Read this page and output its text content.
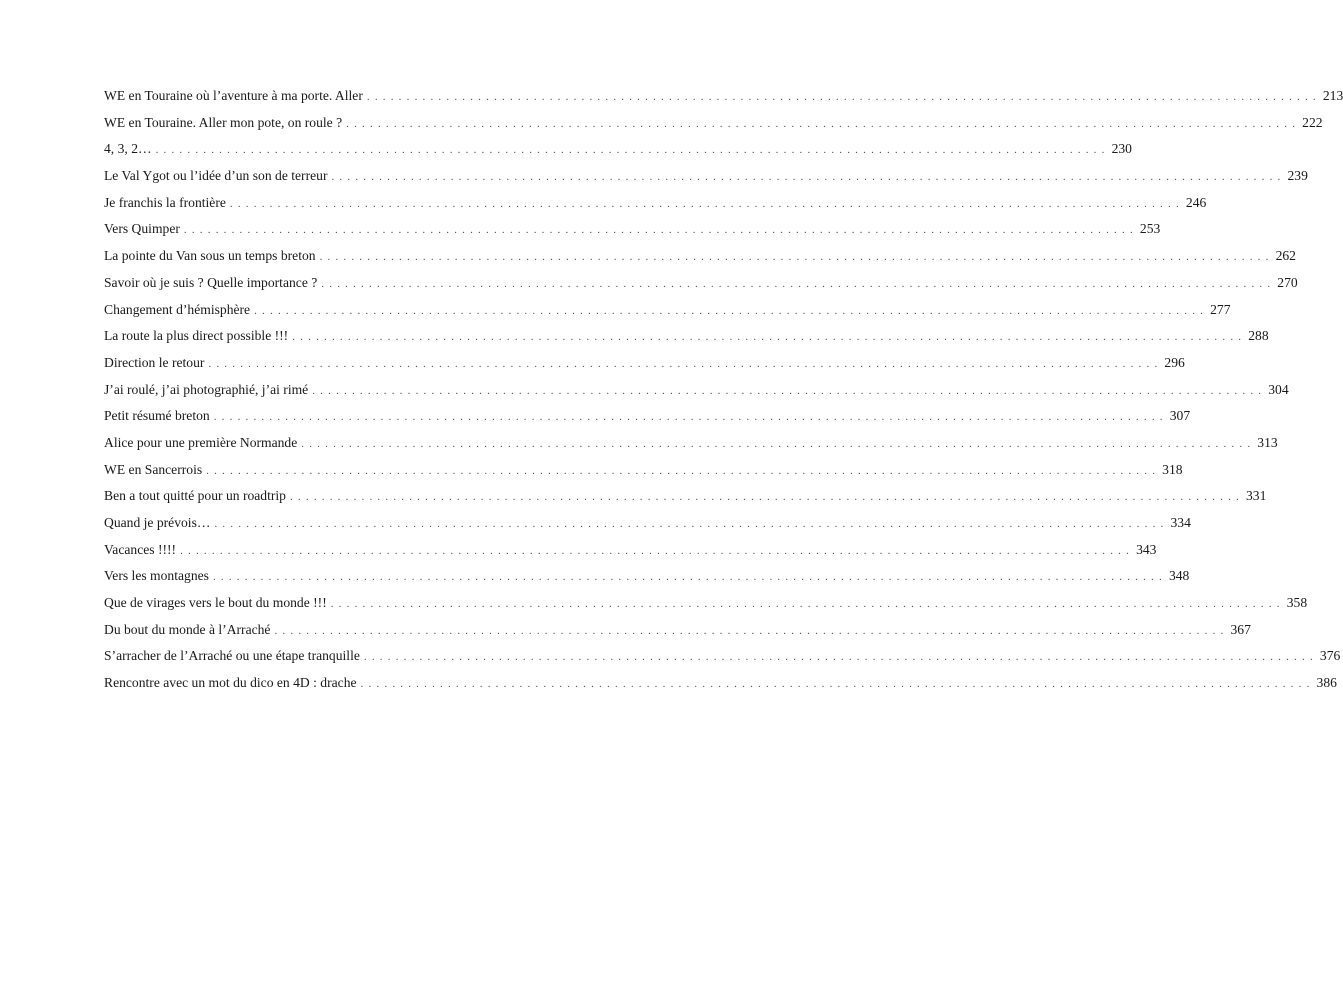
WE en Touraine où l’aventure à ma porte. Aller ........................................................................................................................ 213
WE en Touraine. Aller mon pote, on roule ? ........................................................................................................................ 222
4, 3, 2… ........................................................................................................................ 230
Le Val Ygot ou l’idée d’un son de terreur ........................................................................................................................ 239
Je franchis la frontière ........................................................................................................................ 246
Vers Quimper ........................................................................................................................ 253
La pointe du Van sous un temps breton ........................................................................................................................ 262
Savoir où je suis ? Quelle importance ? ........................................................................................................................ 270
Changement d’hémisphère ........................................................................................................................ 277
La route la plus direct possible !!! ........................................................................................................................ 288
Direction le retour ........................................................................................................................ 296
J’ai roulé, j’ai photographié, j’ai rimé ........................................................................................................................ 304
Petit résumé breton ........................................................................................................................ 307
Alice pour une première Normande ........................................................................................................................ 313
WE en Sancerrois ........................................................................................................................ 318
Ben a tout quitté pour un roadtrip ........................................................................................................................ 331
Quand je prévois… ........................................................................................................................ 334
Vacances !!!! ........................................................................................................................ 343
Vers les montagnes ........................................................................................................................ 348
Que de virages vers le bout du monde !!! ........................................................................................................................ 358
Du bout du monde à l’Arraché ........................................................................................................................ 367
S’arracher de l’Arraché ou une étape tranquille ........................................................................................................................ 376
Rencontre avec un mot du dico en 4D : drache ........................................................................................................................ 386
